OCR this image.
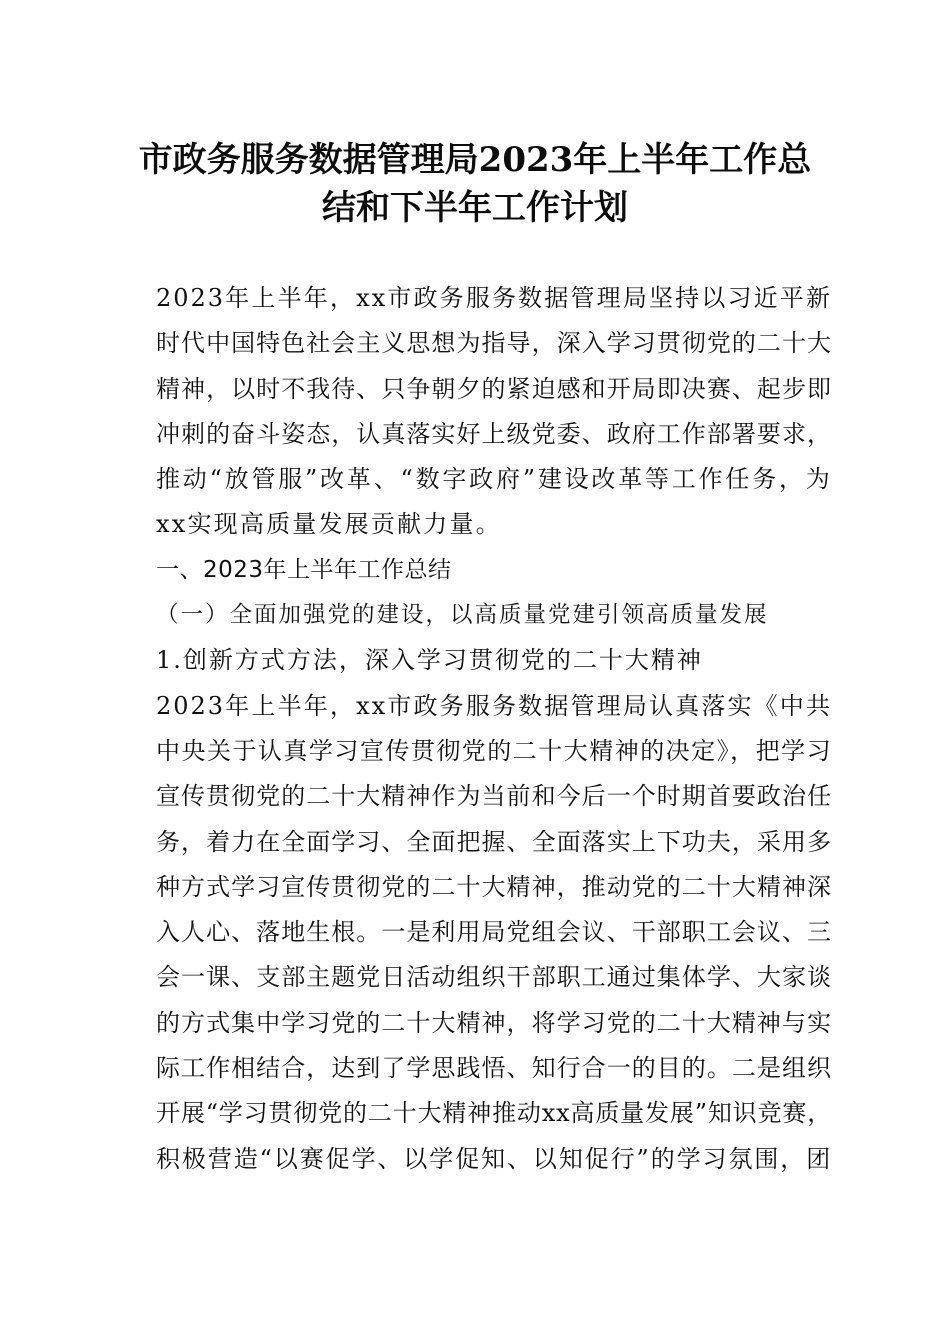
市政务服务数据管理局2023年上半年工作总
结和下半年工作计划

2023年上半年，xx市政务服务数据管理局坚持以习近平新
时代中国特色社会主义思想为指导，深入学习贯彻党的二十大
精神，以时不我待、只争朝夕的紧迫感和开局即决赛、起步即
冲刺的奋斗姿态，认真落实好上级党委、政府工作部署要求，
推动“放管服”改革、“数字政府”建设改革等工作任务，为
xx实现高质量发展贡献力量。

一、2023年上半年工作总结

（一）全面加强党的建设，以高质量党建引领高质量发展

1.创新方式方法，深入学习贯彻党的二十大精神

2023年上半年，xx市政务服务数据管理局认真落实《中共
中央关于认真学习宣传贯彻党的二十大精神的决定》，把学习
宣传贯彻党的二十大精神作为当前和今后一个时期首要政治任
务，着力在全面学习、全面把握、全面落实上下功夫，采用多
种方式学习宣传贯彻党的二十大精神，推动党的二十大精神深
入人心、落地生根。一是利用局党组会议、干部职工会议、三
会一课、支部主题党日活动组织干部职工通过集体学、大家谈
的方式集中学习党的二十大精神，将学习党的二十大精神与实
际工作相结合，达到了学思践悟、知行合一的目的。二是组织
开展“学习贯彻党的二十大精神推动xx高质量发展”知识竞赛，
积极营造“以赛促学、以学促知、以知促行”的学习氛围，团
